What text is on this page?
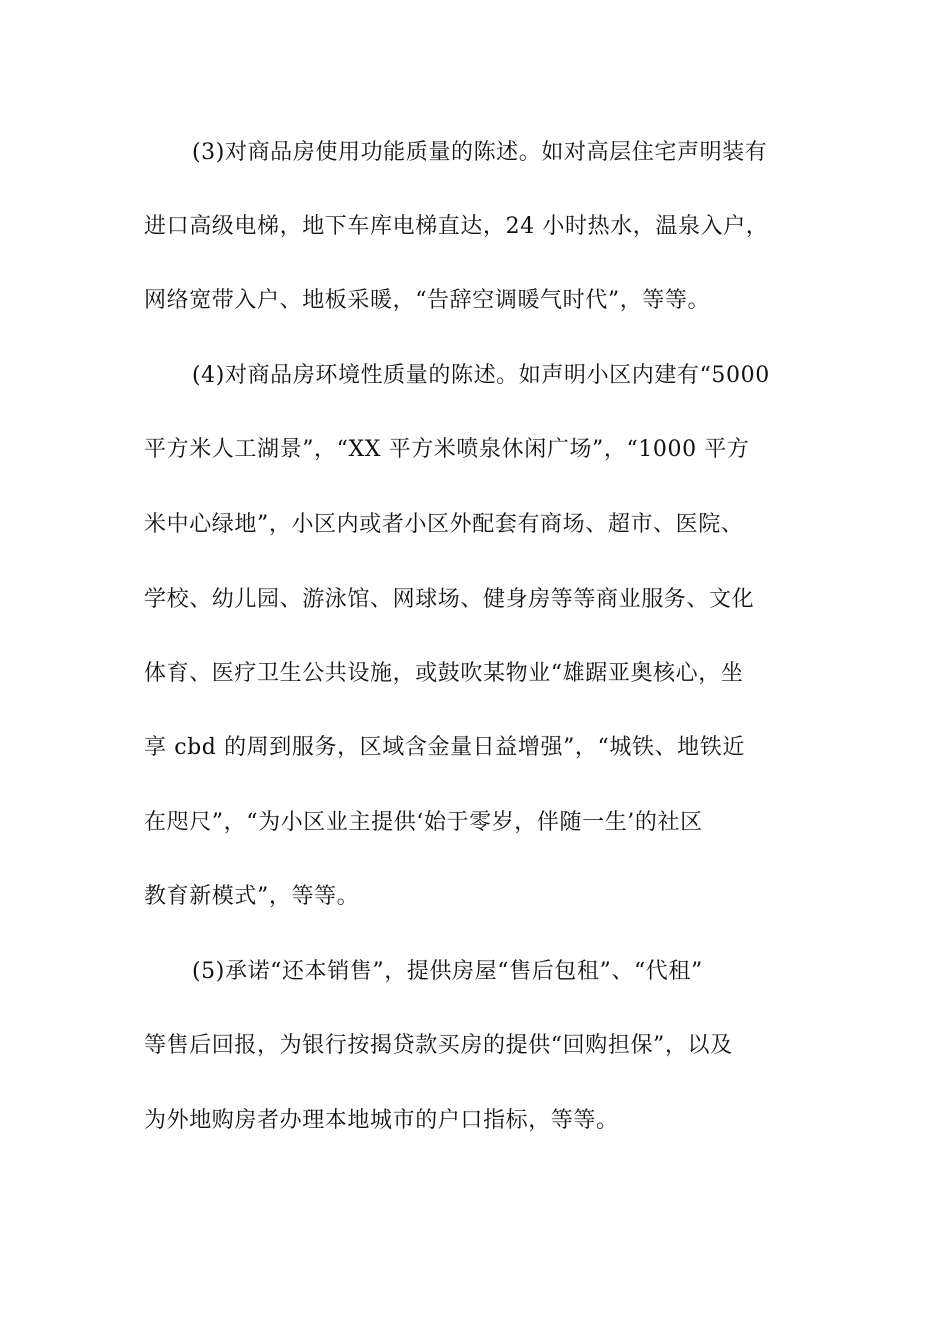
(3)对商品房使用功能质量的陈述。如对高层住宅声明装有
进口高级电梯，地下车库电梯直达，24 小时热水，温泉入户，
网络宽带入户、地板采暖，“告辞空调暖气时代”，等等。
(4)对商品房环境性质量的陈述。如声明小区内建有“5000
平方米人工湖景”，“XX 平方米喷泉休闲广场”，“1000 平方
米中心绿地”，小区内或者小区外配套有商场、超市、医院、
学校、幼儿园、游泳馆、网球场、健身房等等商业服务、文化
体育、医疗卫生公共设施，或鼓吹某物业“雄踞亚奥核心，坐
享 cbd 的周到服务，区域含金量日益增强”，“城铁、地铁近
在咫尺”，“为小区业主提供‘始于零岁，伴随一生’的社区
教育新模式”，等等。
(5)承诺“还本销售”，提供房屋“售后包租”、“代租”
等售后回报，为银行按揭贷款买房的提供“回购担保”，以及
为外地购房者办理本地城市的户口指标，等等。
